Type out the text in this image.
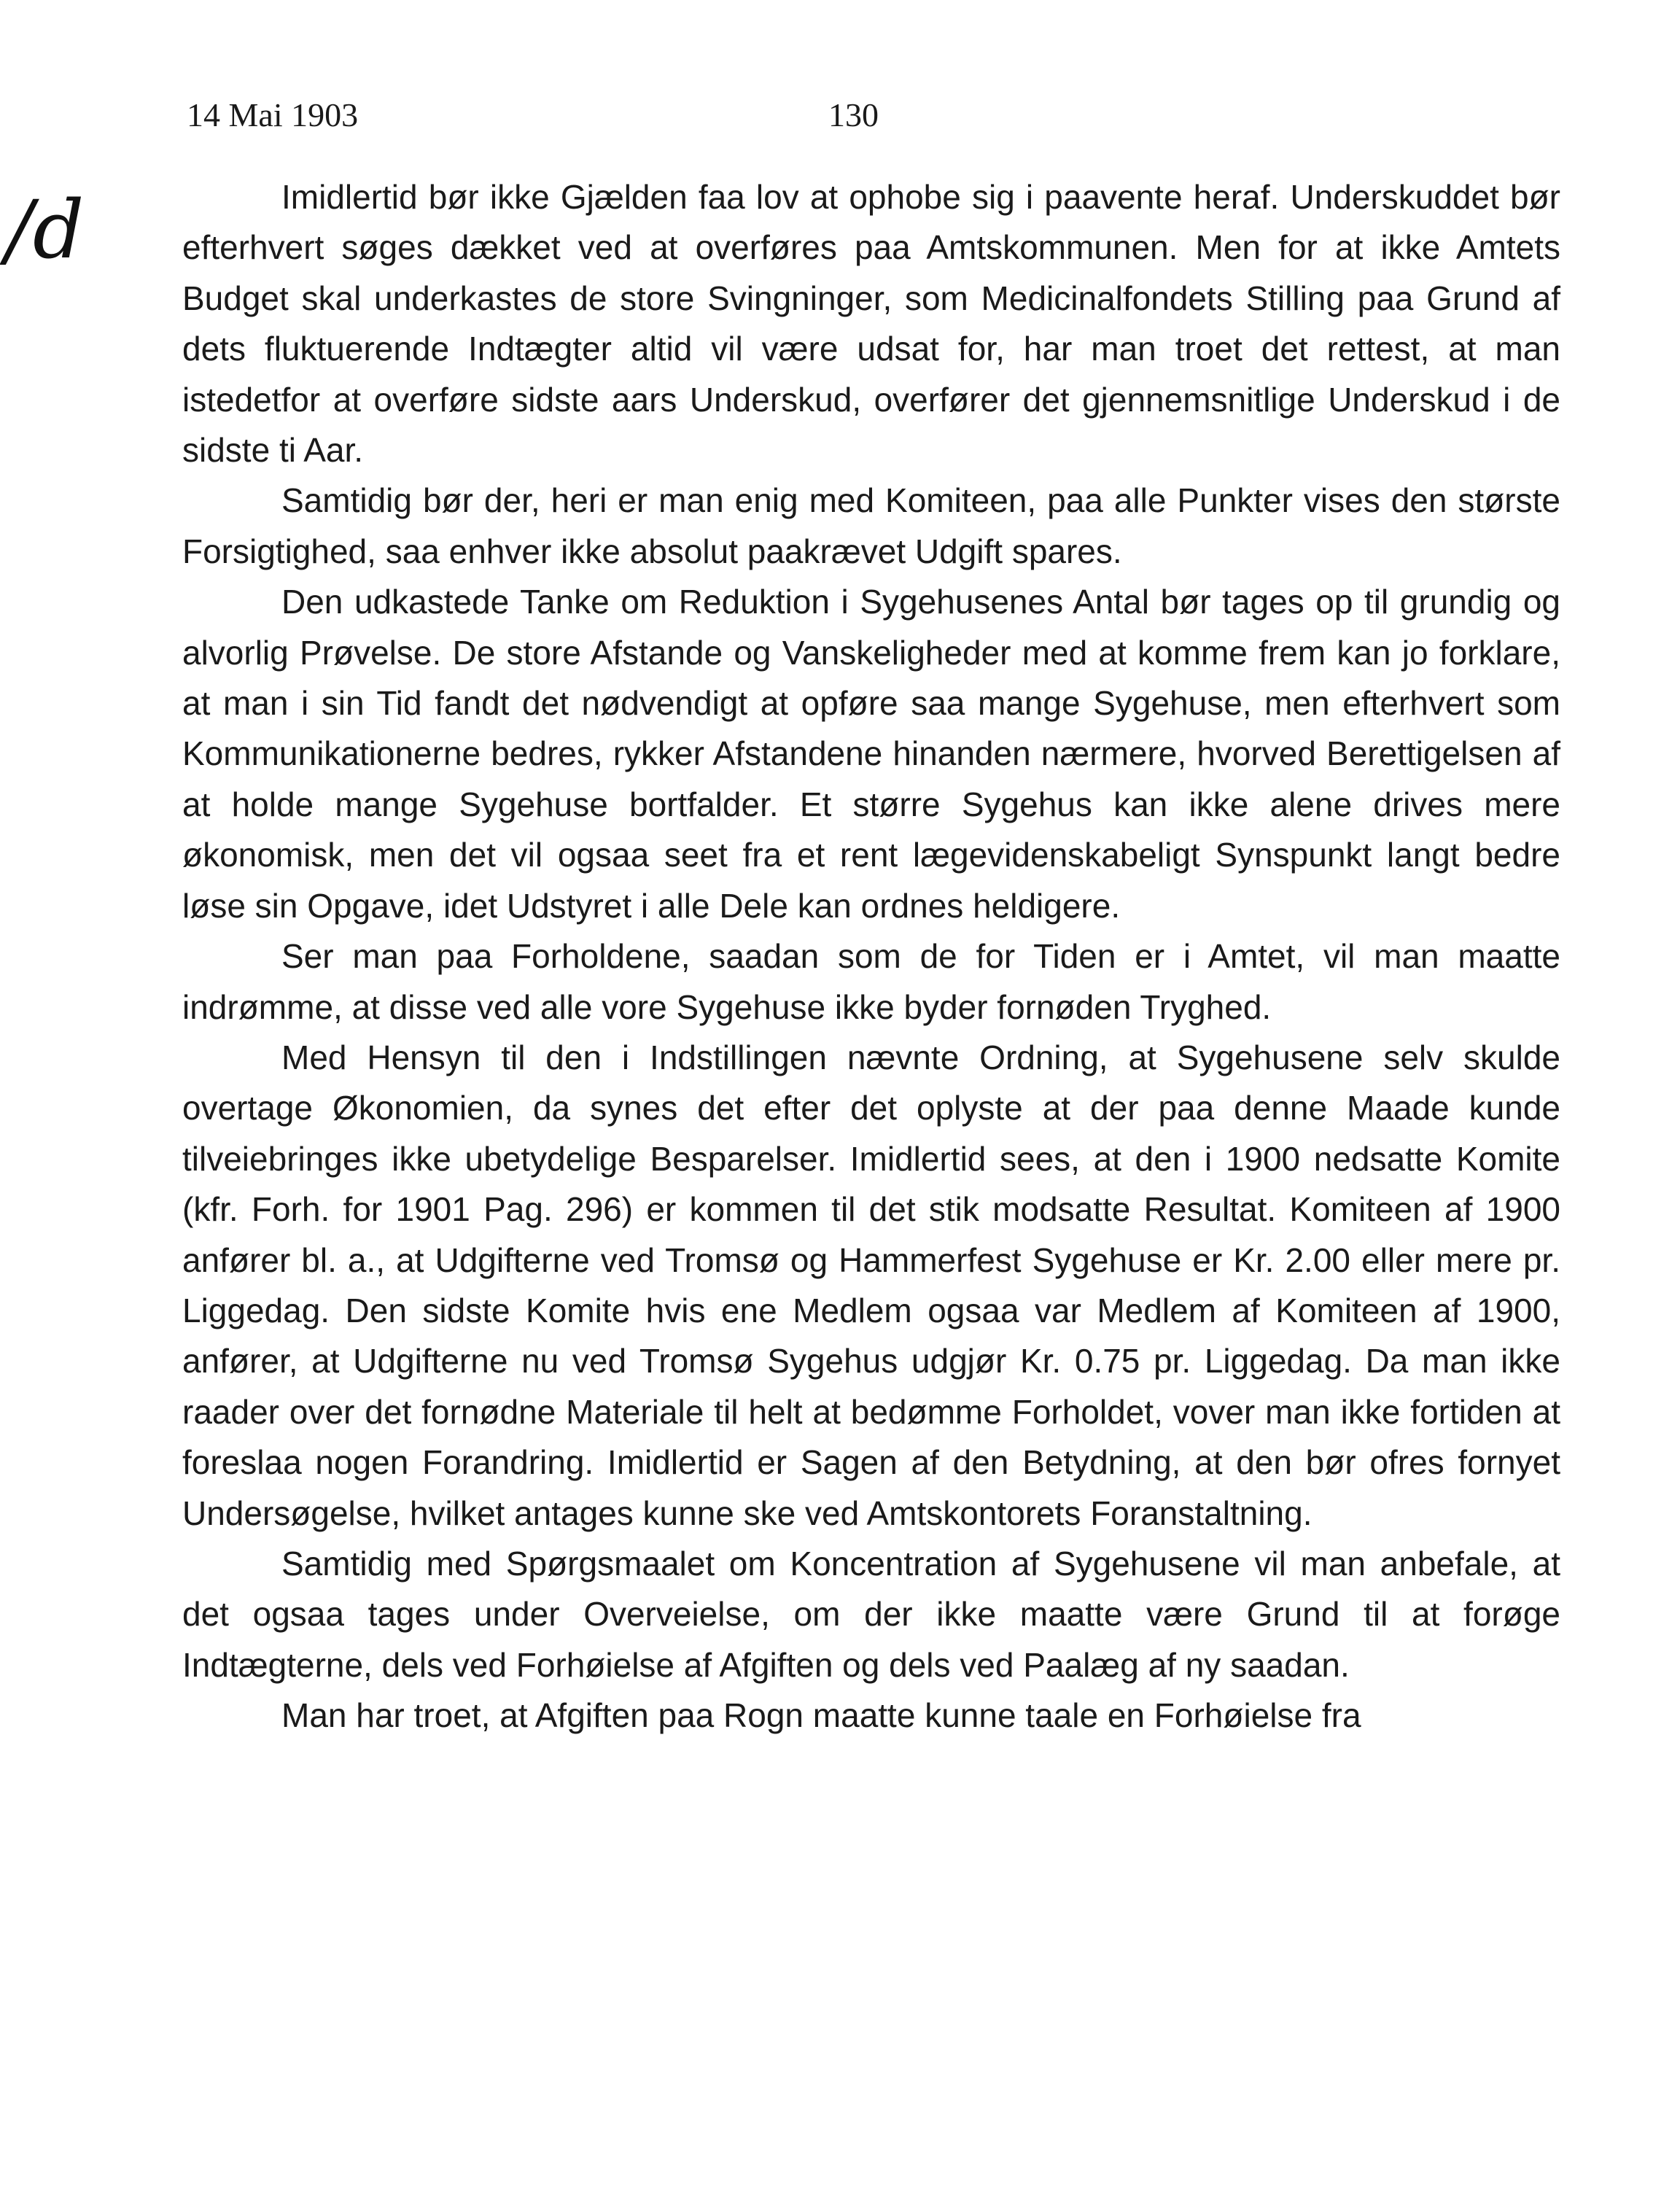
14 Mai 1903	130
/d	Imidlertid bør ikke Gjælden faa lov at ophobe sig i paavente heraf. Underskuddet bør efterhvert søges dækket ved at overføres paa Amtskommunen. Men for at ikke Amtets Budget skal underkastes de store Svingninger, som Medicinalfondets Stilling paa Grund af dets fluktuerende Indtægter altid vil være udsat for, har man troet det rettest, at man istedetfor at overføre sidste aars Underskud, overfører det gjennemsnitlige Underskud i de sidste ti Aar.

Samtidig bør der, heri er man enig med Komiteen, paa alle Punkter vises den største Forsigtighed, saa enhver ikke absolut paakrævet Udgift spares.

Den udkastede Tanke om Reduktion i Sygehusenes Antal bør tages op til grundig og alvorlig Prøvelse. De store Afstande og Vanskeligheder med at komme frem kan jo forklare, at man i sin Tid fandt det nødvendigt at opføre saa mange Sygehuse, men efterhvert som Kommunikationerne bedres, rykker Afstandene hinanden nærmere, hvorved Berettigelsen af at holde mange Sygehuse bortfalder. Et større Sygehus kan ikke alene drives mere økonomisk, men det vil ogsaa seet fra et rent lægevidenskabeligt Synspunkt langt bedre løse sin Opgave, idet Udstyret i alle Dele kan ordnes heldigere.

Ser man paa Forholdene, saadan som de for Tiden er i Amtet, vil man maatte indrømme, at disse ved alle vore Sygehuse ikke byder fornøden Tryghed.

Med Hensyn til den i Indstillingen nævnte Ordning, at Sygehusene selv skulde overtage Økonomien, da synes det efter det oplyste at der paa denne Maade kunde tilveiebringes ikke ubetydelige Besparelser. Imidlertid sees, at den i 1900 nedsatte Komite (kfr. Forh. for 1901 Pag. 296) er kommen til det stik modsatte Resultat. Komiteen af 1900 anfører bl. a., at Udgifterne ved Tromsø og Hammerfest Sygehuse er Kr. 2.00 eller mere pr. Liggedag. Den sidste Komite hvis ene Medlem ogsaa var Medlem af Komiteen af 1900, anfører, at Udgifterne nu ved Tromsø Sygehus udgjør Kr. 0.75 pr. Liggedag. Da man ikke raader over det fornødne Materiale til helt at bedømme Forholdet, vover man ikke fortiden at foreslaa nogen Forandring. Imidlertid er Sagen af den Betydning, at den bør ofres fornyet Undersøgelse, hvilket antages kunne ske ved Amtskontorets Foranstaltning.

Samtidig med Spørgsmaalet om Koncentration af Sygehusene vil man anbefale, at det ogsaa tages under Overveielse, om der ikke maatte være Grund til at forøge Indtægterne, dels ved Forhøielse af Afgiften og dels ved Paalæg af ny saadan.

Man har troet, at Afgiften paa Rogn maatte kunne taale en Forhøielse fra
